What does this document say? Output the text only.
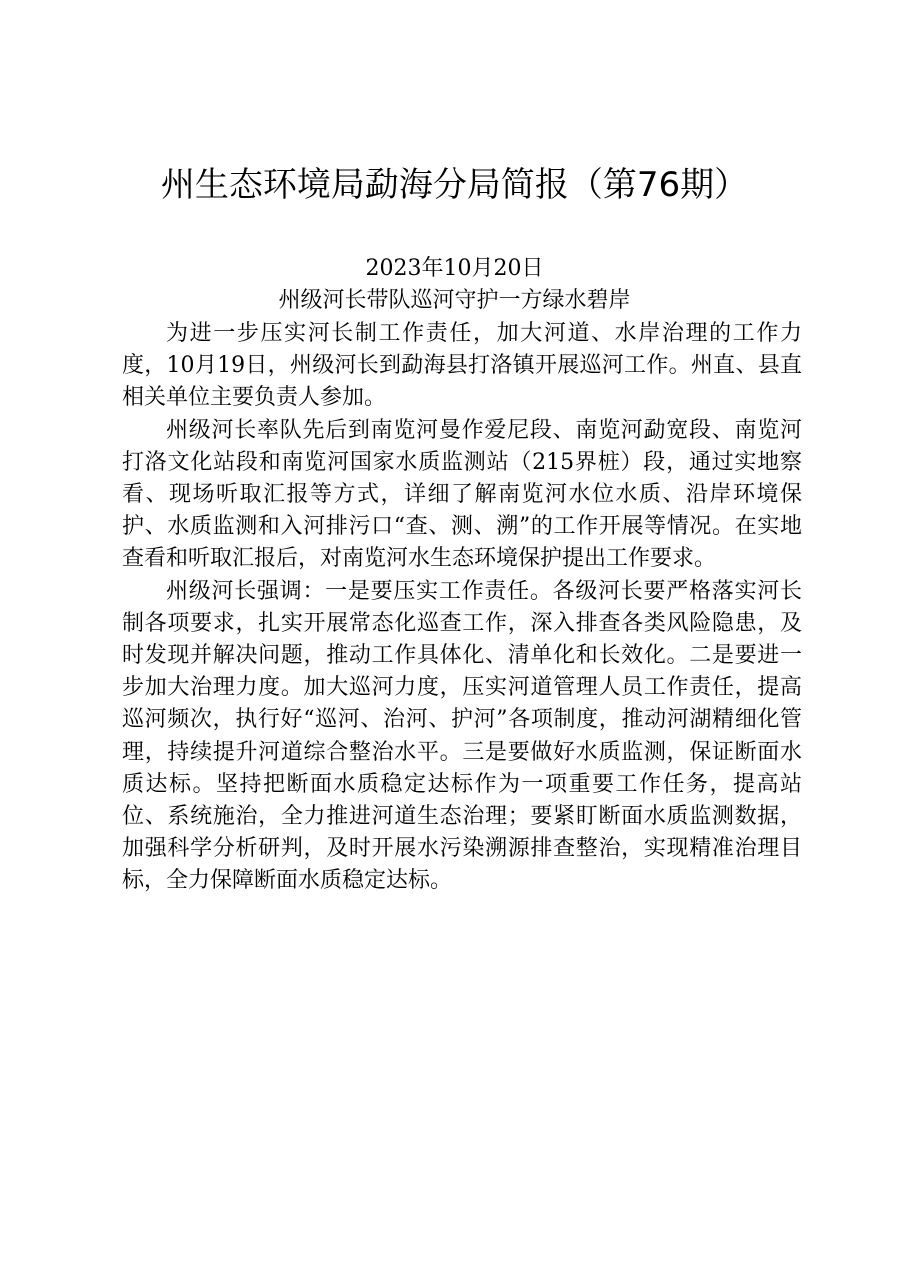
州生态环境局勐海分局简报（第76期）
2023年10月20日
州级河长带队巡河守护一方绿水碧岸

为进一步压实河长制工作责任，加大河道、水岸治理的工作力度，10月19日，州级河长到勐海县打洛镇开展巡河工作。州直、县直相关单位主要负责人参加。

州级河长率队先后到南览河曼作爱尼段、南览河勐宽段、南览河打洛文化站段和南览河国家水质监测站（215界桩）段，通过实地察看、现场听取汇报等方式，详细了解南览河水位水质、沿岸环境保护、水质监测和入河排污口“查、测、溯”的工作开展等情况。在实地查看和听取汇报后，对南览河水生态环境保护提出工作要求。

州级河长强调：一是要压实工作责任。各级河长要严格落实河长制各项要求，扎实开展常态化巡查工作，深入排查各类风险隐患，及时发现并解决问题，推动工作具体化、清单化和长效化。二是要进一步加大治理力度。加大巡河力度，压实河道管理人员工作责任，提高巡河频次，执行好“巡河、治河、护河”各项制度，推动河湖精细化管理，持续提升河道综合整治水平。三是要做好水质监测，保证断面水质达标。坚持把断面水质稳定达标作为一项重要工作任务，提高站位、系统施治，全力推进河道生态治理；要紧盯断面水质监测数据，加强科学分析研判，及时开展水污染溯源排查整治，实现精准治理目标，全力保障断面水质稳定达标。
